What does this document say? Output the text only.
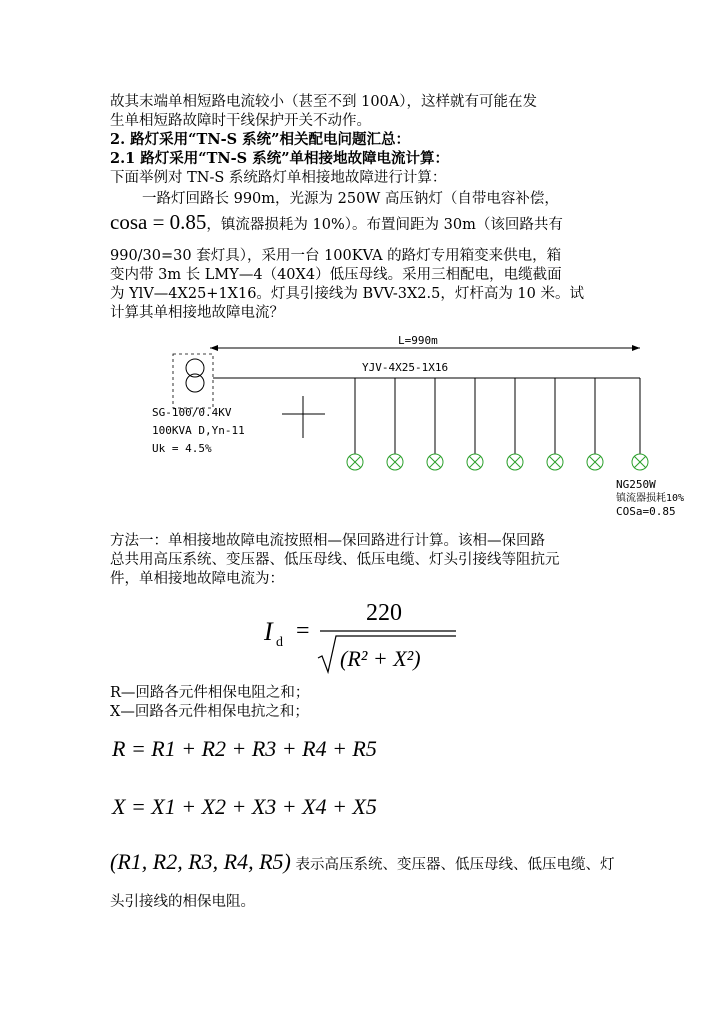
故其末端单相短路电流较小（甚至不到 100A），这样就有可能在发
生单相短路故障时干线保护开关不动作。
2. 路灯采用“TN-S 系统”相关配电问题汇总：
2.1 路灯采用“TN-S 系统”单相接地故障电流计算：
下面举例对 TN-S 系统路灯单相接地故障进行计算：
一路灯回路长 990m，光源为 250W 高压钠灯（自带电容补偿，
cosa = 0.85，镇流器损耗为 10%）。布置间距为 30m（该回路共有
990/30=30 套灯具），采用一台 100KVA 的路灯专用箱变来供电，箱
变内带 3m 长 LMY—4（40X4）低压母线。采用三相配电，电缆截面
为 YlV—4X25+1X16。灯具引接线为 BVV-3X2.5，灯杆高为 10 米。试
计算其单相接地故障电流？
L=990m
YJV-4X25-1X16
SG-100/0.4KV
100KVA D,Yn-11
Uk = 4.5%
NG250W
镇流器损耗10%
COSa=0.85
方法一：单相接地故障电流按照相—保回路进行计算。该相—保回路
总共用高压系统、变压器、低压母线、低压电缆、灯头引接线等阻抗元
件，单相接地故障电流为：
I d =
220
(R² + X²)
R—回路各元件相保电阻之和；
X—回路各元件相保电抗之和；
R = R1 + R2 + R3 + R4 + R5
X = X1 + X2 + X3 + X4 + X5
(R1, R2, R3, R4, R5) 表示高压系统、变压器、低压母线、低压电缆、灯
头引接线的相保电阻。
